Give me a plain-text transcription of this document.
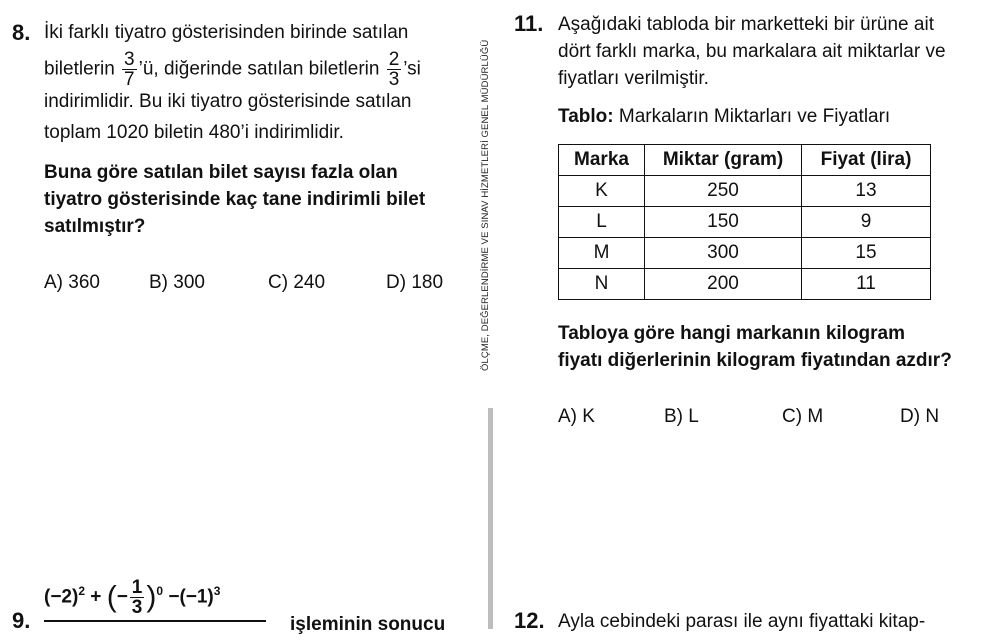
8. İki farklı tiyatro gösterisinden birinde satılan
biletlerin $\frac{3}{7}$ ’ü, diğerinde satılan biletlerin $\frac{2}{3}$ ’si
indirimlidir. Bu iki tiyatro gösterisinde satılan
toplam 1020 biletin 480’i indirimlidir.
Buna göre satılan bilet sayısı fazla olan
tiyatro gösterisinde kaç tane indirimli bilet
satılmıştır?
A) 360	B) 300	C) 240	D) 180	ÖLÇME, DEĞERLENDİRME VE SINAV HİZMETLERİ GENEL MÜDÜRLÜĞÜ
9.
$(-2)^2$ + (− $\frac{1}{3} )^0 -(-1)^3$
işleminin sonucu
11. Aşağıdaki tabloda bir marketteki bir ürüne ait
dört farklı marka, bu markalara ait miktarlar ve
fiyatları verilmiştir.
Tablo: Markaların Miktarları ve Fiyatları
Marka	Miktar (gram)	Fiyat (lira)
K	250	13
L	150	9
M	300	15
N	200	11
Tabloya göre hangi markanın kilogram
fiyatı diğerlerinin kilogram fiyatından azdır?
A) K	B) L	C) M	D) N
12. Ayla cebindeki parası ile aynı fiyattaki kitap-
